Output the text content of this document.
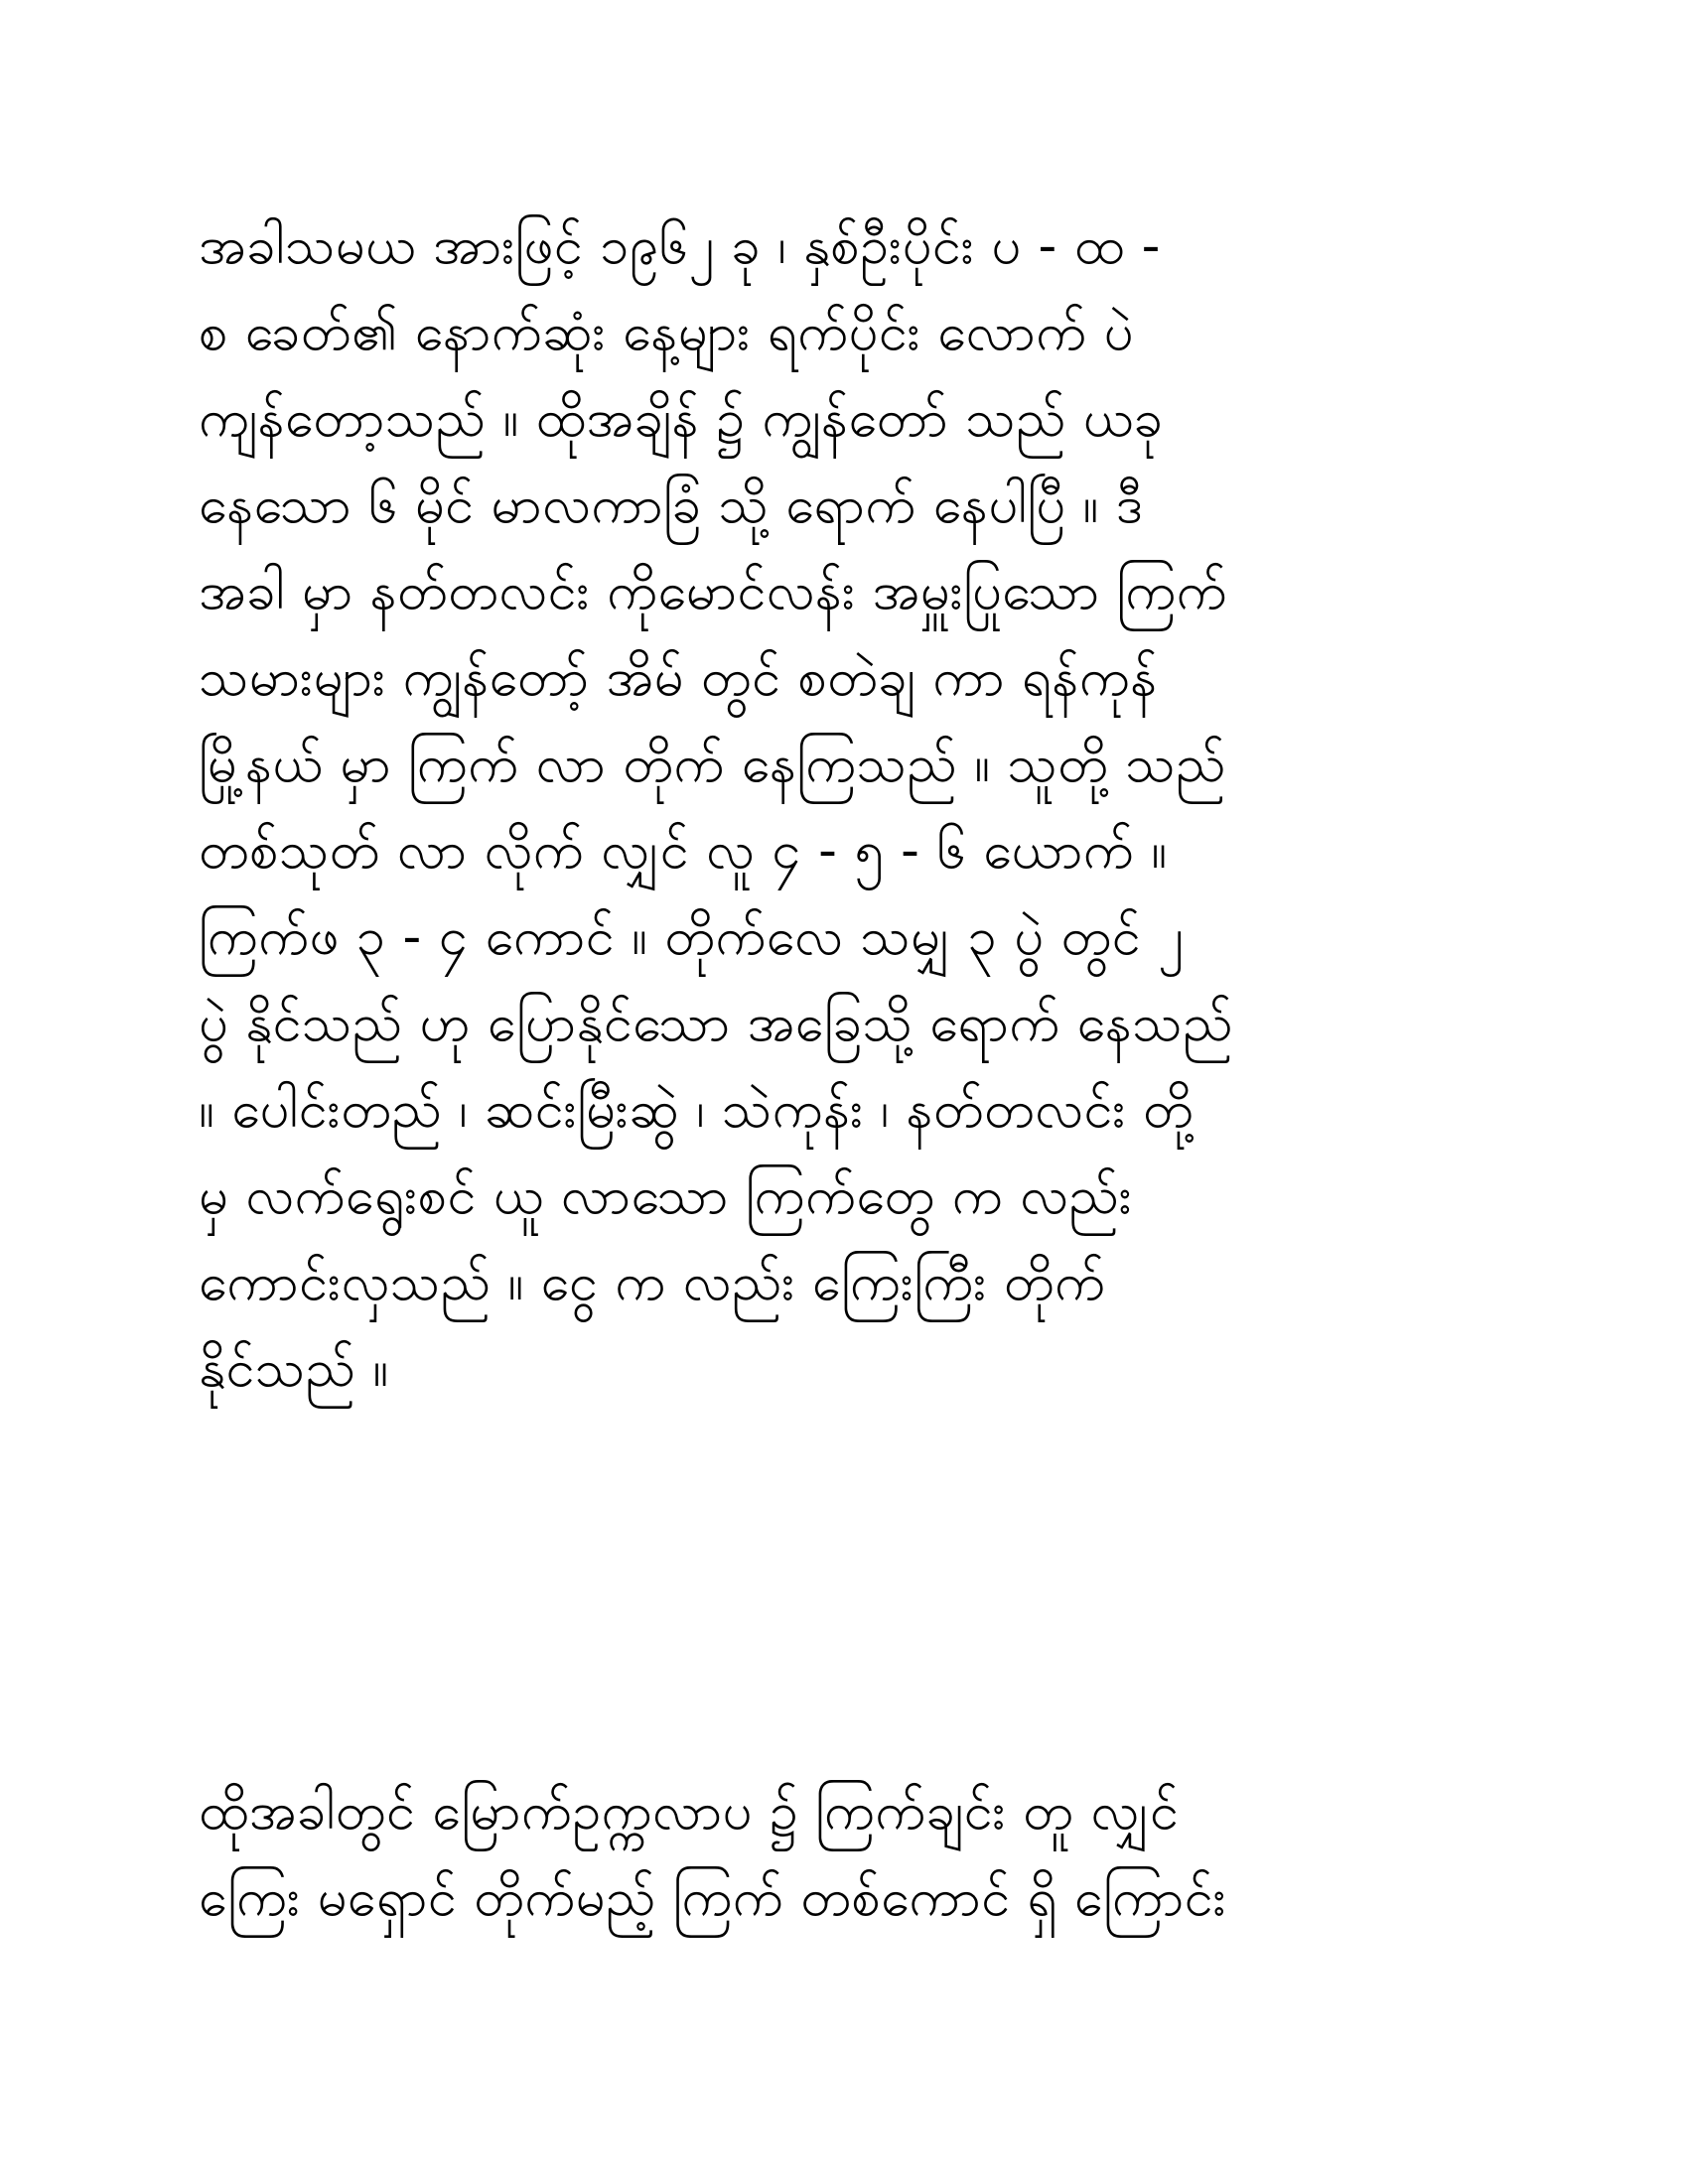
အခါသမယ အားဖြင့် ၁၉၆၂ ခု ၊ နှစ်ဦးပိုင်း ပ - ထ -
စ ခေတ်၏ နောက်ဆုံး နေ့များ ရက်ပိုင်း လောက် ပဲ
ကျန်တော့သည် ။ ထိုအချိန် ၌ ကျွန်တော် သည် ယခု
နေသော ၆ မိုင် မာလကာခြံ သို့ ရောက် နေပါပြီ ။ ဒီ
အခါ မှာ နတ်တလင်း ကိုမောင်လန်း အမှူးပြုသော ကြက်
သမားများ ကျွန်တော့် အိမ် တွင် စတဲချ ကာ ရန်ကုန်
မြို့နယ် မှာ ကြက် လာ တိုက် နေကြသည် ။ သူတို့ သည်
တစ်သုတ် လာ လိုက် လျှင် လူ ၄ - ၅ - ၆ ယောက် ။
ကြက်ဖ ၃ - ၄ ကောင် ။ တိုက်လေ သမျှ ၃ ပွဲ တွင် ၂
ပွဲ နိုင်သည် ဟု ပြောနိုင်သော အခြေသို့ ရောက် နေသည်
။ ပေါင်းတည် ၊ ဆင်းမြီးဆွဲ ၊ သဲကုန်း ၊ နတ်တလင်း တို့
မှ လက်ရွေးစင် ယူ လာသော ကြက်တွေ က လည်း
ကောင်းလှသည် ။ ငွေ က လည်း ကြေးကြီး တိုက်
နိုင်သည် ။
ထိုအခါတွင် မြောက်ဥက္ကလာပ ၌ ကြက်ချင်း တူ လျှင်
ကြေး မရှောင် တိုက်မည့် ကြက် တစ်ကောင် ရှိ ကြောင်း
